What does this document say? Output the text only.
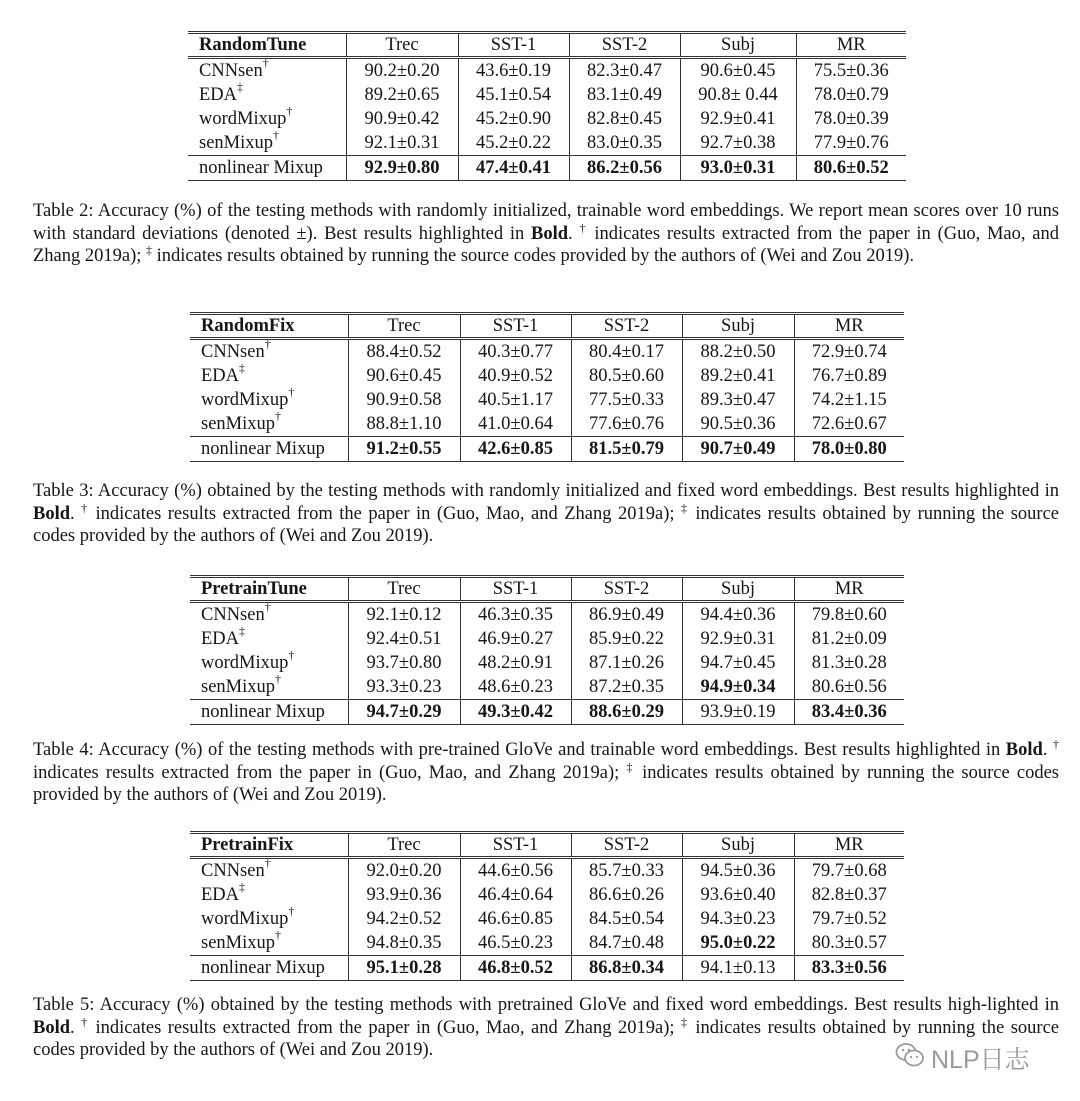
RandomTune	Trec	SST-1	SST-2	Subj	MR
CNNsen†	90.2±0.20	43.6±0.19	82.3±0.47	90.6±0.45	75.5±0.36
EDA‡	89.2±0.65	45.1±0.54	83.1±0.49	90.8± 0.44	78.0±0.79
wordMixup†	90.9±0.42	45.2±0.90	82.8±0.45	92.9±0.41	78.0±0.39
senMixup†	92.1±0.31	45.2±0.22	83.0±0.35	92.7±0.38	77.9±0.76
nonlinear Mixup	92.9±0.80	47.4±0.41	86.2±0.56	93.0±0.31	80.6±0.52

Table 2: Accuracy (%) of the testing methods with randomly initialized, trainable word embeddings. We report mean scores over 10 runs with standard deviations (denoted ±). Best results highlighted in Bold. † indicates results extracted from the paper in (Guo, Mao, and Zhang 2019a); ‡ indicates results obtained by running the source codes provided by the authors of (Wei and Zou 2019).

RandomFix	Trec	SST-1	SST-2	Subj	MR
CNNsen†	88.4±0.52	40.3±0.77	80.4±0.17	88.2±0.50	72.9±0.74
EDA‡	90.6±0.45	40.9±0.52	80.5±0.60	89.2±0.41	76.7±0.89
wordMixup†	90.9±0.58	40.5±1.17	77.5±0.33	89.3±0.47	74.2±1.15
senMixup†	88.8±1.10	41.0±0.64	77.6±0.76	90.5±0.36	72.6±0.67
nonlinear Mixup	91.2±0.55	42.6±0.85	81.5±0.79	90.7±0.49	78.0±0.80

Table 3: Accuracy (%) obtained by the testing methods with randomly initialized and fixed word embeddings. Best results highlighted in Bold. † indicates results extracted from the paper in (Guo, Mao, and Zhang 2019a); ‡ indicates results obtained by running the source codes provided by the authors of (Wei and Zou 2019).

PretrainTune	Trec	SST-1	SST-2	Subj	MR
CNNsen†	92.1±0.12	46.3±0.35	86.9±0.49	94.4±0.36	79.8±0.60
EDA‡	92.4±0.51	46.9±0.27	85.9±0.22	92.9±0.31	81.2±0.09
wordMixup†	93.7±0.80	48.2±0.91	87.1±0.26	94.7±0.45	81.3±0.28
senMixup†	93.3±0.23	48.6±0.23	87.2±0.35	94.9±0.34	80.6±0.56
nonlinear Mixup	94.7±0.29	49.3±0.42	88.6±0.29	93.9±0.19	83.4±0.36

Table 4: Accuracy (%) of the testing methods with pre-trained GloVe and trainable word embeddings. Best results highlighted in Bold. † indicates results extracted from the paper in (Guo, Mao, and Zhang 2019a); ‡ indicates results obtained by running the source codes provided by the authors of (Wei and Zou 2019).

PretrainFix	Trec	SST-1	SST-2	Subj	MR
CNNsen†	92.0±0.20	44.6±0.56	85.7±0.33	94.5±0.36	79.7±0.68
EDA‡	93.9±0.36	46.4±0.64	86.6±0.26	93.6±0.40	82.8±0.37
wordMixup†	94.2±0.52	46.6±0.85	84.5±0.54	94.3±0.23	79.7±0.52
senMixup†	94.8±0.35	46.5±0.23	84.7±0.48	95.0±0.22	80.3±0.57
nonlinear Mixup	95.1±0.28	46.8±0.52	86.8±0.34	94.1±0.13	83.3±0.56

Table 5: Accuracy (%) obtained by the testing methods with pretrained GloVe and fixed word embeddings. Best results high-lighted in Bold. † indicates results extracted from the paper in (Guo, Mao, and Zhang 2019a); ‡ indicates results obtained by running the source codes provided by the authors of (Wei and Zou 2019).	NLP日志
